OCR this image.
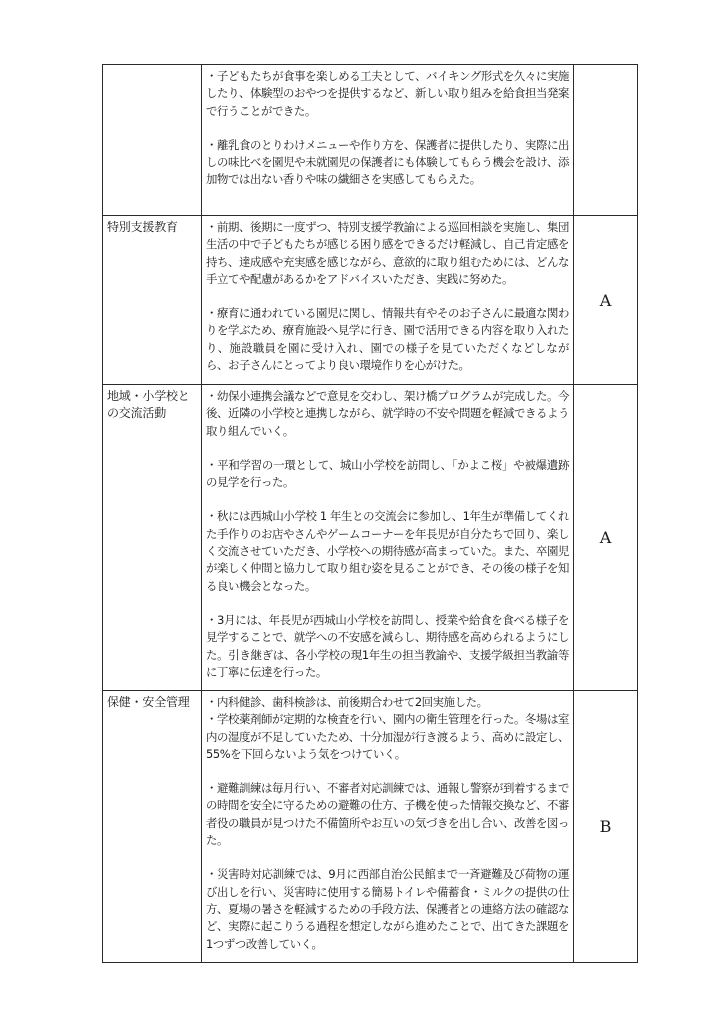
	・子どもたちが食事を楽しめる工夫として、バイキング形式を久々に実施したり、体験型のおやつを提供するなど、新しい取り組みを給食担当発案で行うことができた。

・離乳食のとりわけメニューや作り方を、保護者に提供したり、実際に出しの味比べを園児や未就園児の保護者にも体験してもらう機会を設け、添加物では出ない香りや味の繊細さを実感してもらえた。	

特別支援教育	・前期、後期に一度ずつ、特別支援学教諭による巡回相談を実施し、集団生活の中で子どもたちが感じる困り感をできるだけ軽減し、自己肯定感を持ち、達成感や充実感を感じながら、意欲的に取り組むためには、どんな手立てや配慮があるかをアドバイスいただき、実践に努めた。

・療育に通われている園児に関し、情報共有やそのお子さんに最適な関わりを学ぶため、療育施設へ見学に行き、園で活用できる内容を取り入れたり、施設職員を園に受け入れ、園での様子を見ていただくなどしながら、お子さんにとってより良い環境作りを心がけた。	A

地域・小学校との交流活動	・幼保小連携会議などで意見を交わし、架け橋プログラムが完成した。今後、近隣の小学校と連携しながら、就学時の不安や問題を軽減できるよう取り組んでいく。

・平和学習の一環として、城山小学校を訪問し、「かよこ桜」や被爆遺跡の見学を行った。

・秋には西城山小学校 1 年生との交流会に参加し、1年生が準備してくれた手作りのお店やさんやゲームコーナーを年長児が自分たちで回り、楽しく交流させていただき、小学校への期待感が高まっていた。また、卒園児が楽しく仲間と協力して取り組む姿を見ることができ、その後の様子を知る良い機会となった。

・3月には、年長児が西城山小学校を訪問し、授業や給食を食べる様子を見学することで、就学への不安感を減らし、期待感を高められるようにした。引き継ぎは、各小学校の現1年生の担当教諭や、支援学級担当教諭等に丁寧に伝達を行った。	A

保健・安全管理	・内科健診、歯科検診は、前後期合わせて2回実施した。

・学校薬剤師が定期的な検査を行い、園内の衛生管理を行った。冬場は室内の湿度が不足していたため、十分加湿が行き渡るよう、高めに設定し、55%を下回らないよう気をつけていく。

・避難訓練は毎月行い、不審者対応訓練では、通報し警察が到着するまでの時間を安全に守るための避難の仕方、子機を使った情報交換など、不審者役の職員が見つけた不備箇所やお互いの気づきを出し合い、改善を図った。

・災害時対応訓練では、9月に西部自治公民館まで一斉避難及び荷物の運び出しを行い、災害時に使用する簡易トイレや備蓄食・ミルクの提供の仕方、夏場の暑さを軽減するための手段方法、保護者との連絡方法の確認など、実際に起こりうる過程を想定しながら進めたことで、出てきた課題を1つずつ改善していく。	B
